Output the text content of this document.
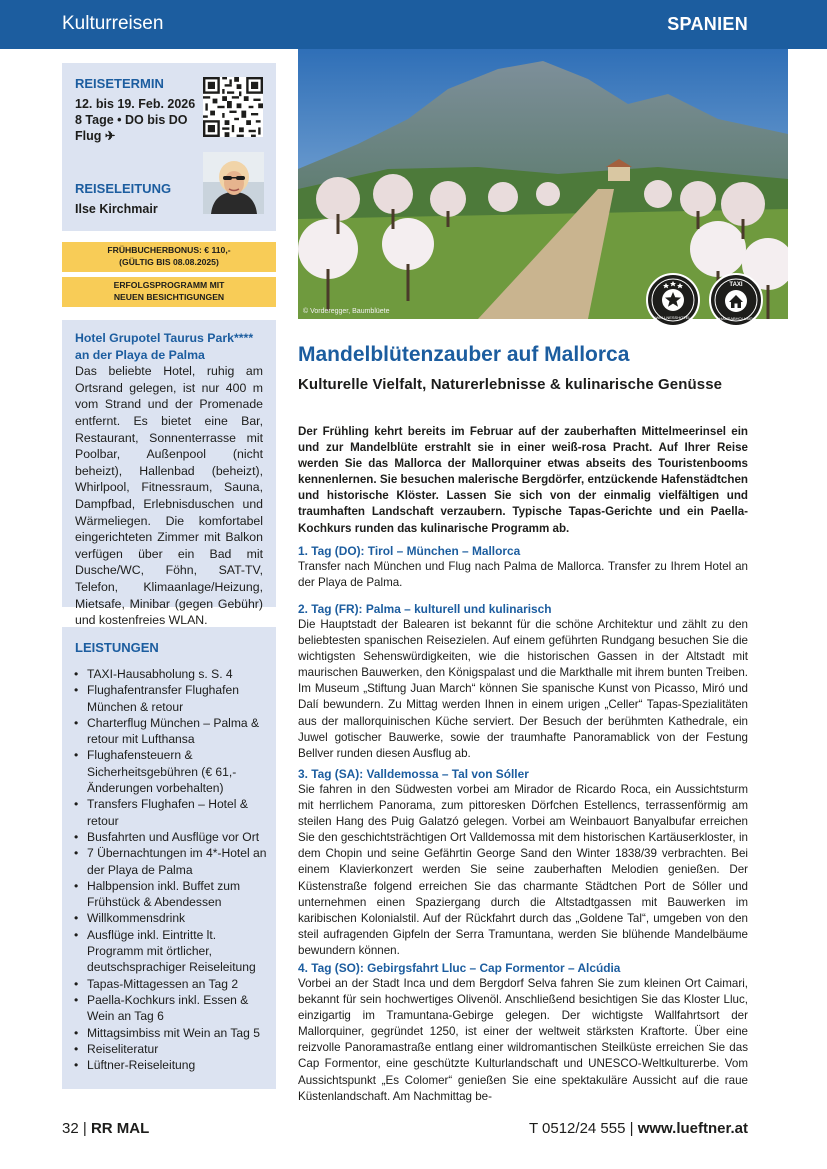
Kulturreisen	SPANIEN
REISETERMIN
12. bis 19. Feb. 2026
8 Tage • DO bis DO
Flug ✈
REISELEITUNG
Ilse Kirchmair
FRÜHBUCHERBONUS: € 110,-
(GÜLTIG BIS 08.08.2025)
ERFOLGSPROGRAMM MIT
NEUEN BESICHTIGUNGEN
Hotel Grupotel Taurus Park**** an der Playa de Palma
Das beliebte Hotel, ruhig am Ortsrand gelegen, ist nur 400 m vom Strand und der Promenade entfernt. Es bietet eine Bar, Restaurant, Sonnenterrasse mit Poolbar, Außenpool (nicht beheizt), Hallenbad (beheizt), Whirlpool, Fitnessraum, Sauna, Dampfbad, Erlebnisduschen und Wärmeliegen. Die komfortabel eingerichteten Zimmer mit Balkon verfügen über ein Bad mit Dusche/WC, Föhn, SAT-TV, Telefon, Klimaanlage/Heizung, Mietsafe, Minibar (gegen Gebühr) und kostenfreies WLAN.
LEISTUNGEN
• TAXI-Hausabholung s. S. 4
• Flughafentransfer Flughafen München & retour
• Charterflug München – Palma & retour mit Lufthansa
• Flughafensteuern & Sicherheitsgebühren (€ 61,- Änderungen vorbehalten)
• Transfers Flughafen – Hotel & retour
• Busfahrten und Ausflüge vor Ort
• 7 Übernachtungen im 4*-Hotel an der Playa de Palma
• Halbpension inkl. Buffet zum Frühstück & Abendessen
• Willkommensdrink
• Ausflüge inkl. Eintritte lt. Programm mit örtlicher, deutschsprachiger Reiseleitung
• Tapas-Mittagessen an Tag 2
• Paella-Kochkurs inkl. Essen & Wein an Tag 6
• Mittagsimbiss mit Wein an Tag 5
• Reiseliteratur
• Lüftner-Reiseleitung
© Vorderegger, Baumblüete
WELLNESSHOTEL
TAXI
HAUSABHOLUNG
Mandelblütenzauber auf Mallorca
Kulturelle Vielfalt, Naturerlebnisse & kulinarische Genüsse

Der Frühling kehrt bereits im Februar auf der zauberhaften Mittelmeerinsel ein und zur Mandelblüte erstrahlt sie in einer weiß-rosa Pracht. Auf Ihrer Reise werden Sie das Mallorca der Mallorquiner etwas abseits des Touristenbooms kennenlernen. Sie besuchen malerische Bergdörfer, entzückende Hafenstädtchen und historische Klöster. Lassen Sie sich von der einmalig vielfältigen und traumhaften Landschaft verzaubern. Typische Tapas-Gerichte und ein Paella-Kochkurs runden das kulinarische Programm ab.

1. Tag (DO): Tirol – München – Mallorca

Transfer nach München und Flug nach Palma de Mallorca. Transfer zu Ihrem Hotel an der Playa de Palma.

2. Tag (FR): Palma – kulturell und kulinarisch

Die Hauptstadt der Balearen ist bekannt für die schöne Architektur und zählt zu den beliebtesten spanischen Reisezielen. Auf einem geführten Rundgang besuchen Sie die wichtigsten Sehenswürdigkeiten, wie die historischen Gassen in der Altstadt mit maurischen Bauwerken, den Königspalast und die Markthalle mit ihrem bunten Treiben. Im Museum „Stiftung Juan March“ können Sie spanische Kunst von Picasso, Miró und Dalí bewundern. Zu Mittag werden Ihnen in einem urigen „Celler“ Tapas-Spezialitäten aus der mallorquinischen Küche serviert. Der Besuch der berühmten Kathedrale, ein Juwel gotischer Bauwerke, sowie der traumhafte Panoramablick von der Festung Bellver runden diesen Ausflug ab.

3. Tag (SA): Valldemossa – Tal von Sóller

Sie fahren in den Südwesten vorbei am Mirador de Ricardo Roca, ein Aussichtsturm mit herrlichem Panorama, zum pittoresken Dörfchen Estellencs, terrassenförmig am steilen Hang des Puig Galatzó gelegen. Vorbei am Weinbauort Banyalbufar erreichen Sie den geschichtsträchtigen Ort Valldemossa mit dem historischen Kartäuserkloster, in dem Chopin und seine Gefährtin George Sand den Winter 1838/39 verbrachten. Bei einem Klavierkonzert werden Sie seine zauberhaften Melodien genießen. Der Küstenstraße folgend erreichen Sie das charmante Städtchen Port de Sóller und unternehmen einen Spaziergang durch die Altstadtgassen mit Bauwerken im karibischen Kolonialstil. Auf der Rückfahrt durch das „Goldene Tal“, umgeben von den steil aufragenden Gipfeln der Serra Tramuntana, werden Sie blühende Mandelbäume bewundern können.

4. Tag (SO): Gebirgsfahrt Lluc – Cap Formentor – Alcúdia

Vorbei an der Stadt Inca und dem Bergdorf Selva fahren Sie zum kleinen Ort Caimari, bekannt für sein hochwertiges Olivenöl. Anschließend besichtigen Sie das Kloster Lluc, einzigartig im Tramuntana-Gebirge gelegen. Der wichtigste Wallfahrtsort der Mallorquiner, gegründet 1250, ist einer der weltweit stärksten Kraftorte. Über eine reizvolle Panoramastraße entlang einer wildromantischen Steilküste erreichen Sie das Cap Formentor, eine geschützte Kulturlandschaft und UNESCO-Weltkulturerbe. Vom Aussichtspunkt „Es Colomer“ genießen Sie eine spektakuläre Aussicht auf die raue Küstenlandschaft. Am Nachmittag be-

32 | RR MAL	T 0512/24 555 | www.lueftner.at
